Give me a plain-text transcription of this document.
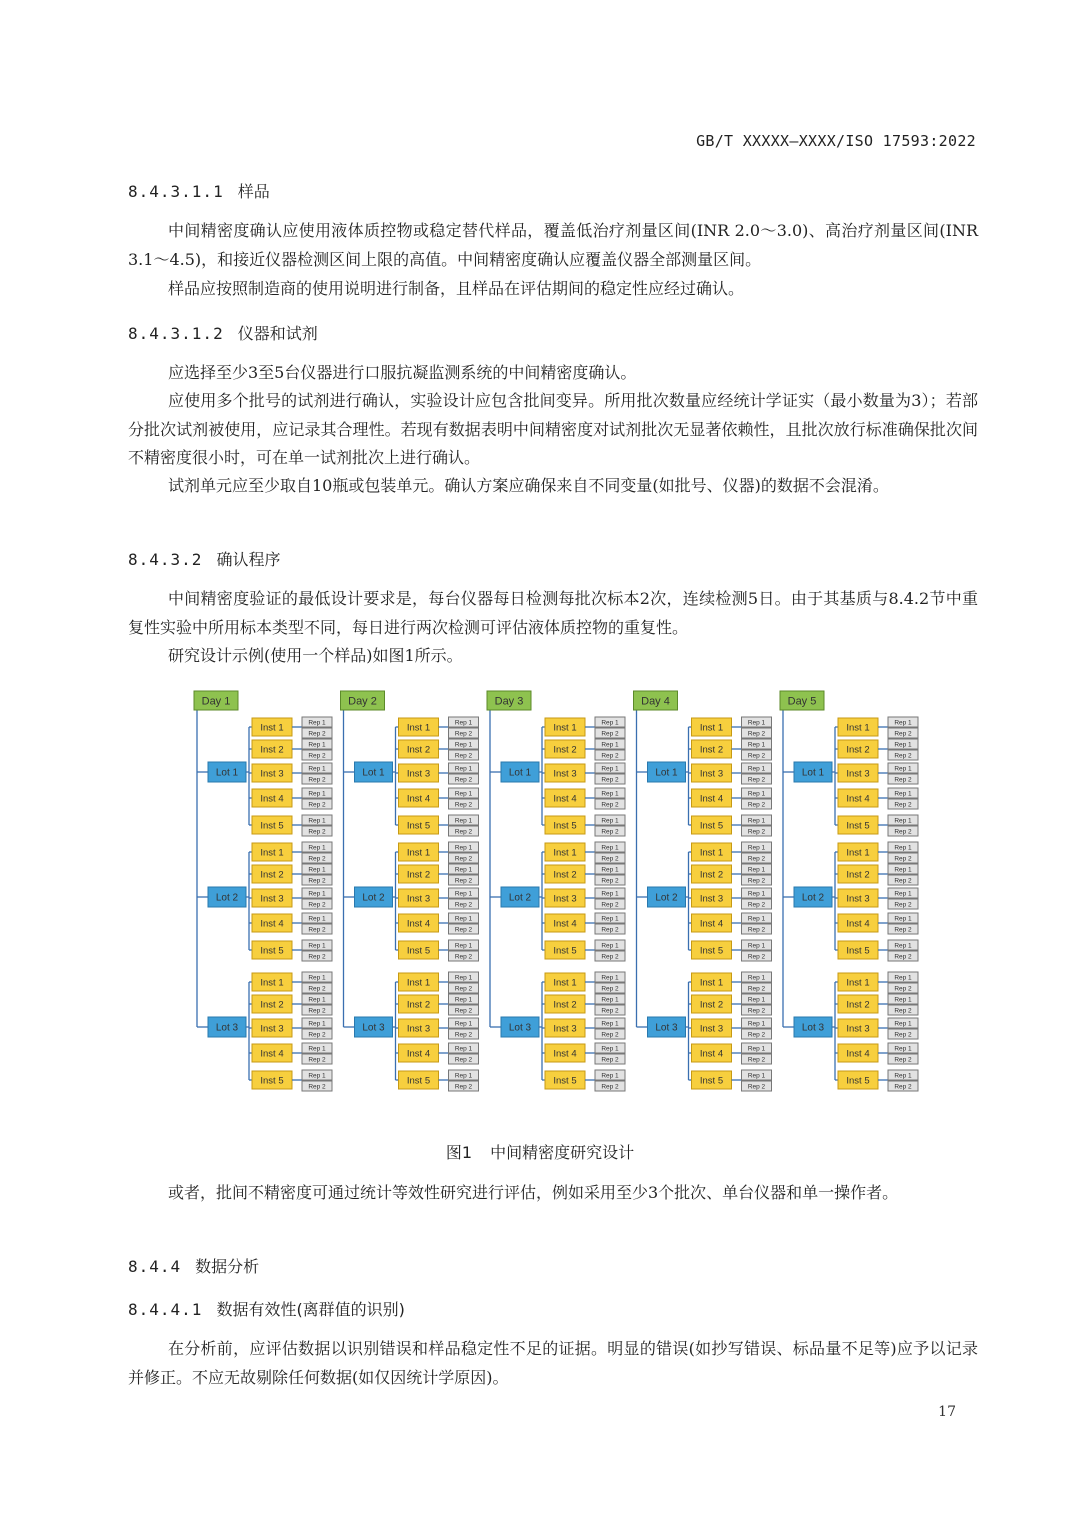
GB/T XXXXX—XXXX/ISO 17593:2022
8.4.3.1.1 样品
中间精密度确认应使用液体质控物或稳定替代样品，覆盖低治疗剂量区间(INR 2.0～3.0)、高治疗剂量区间(INR 3.1～4.5)，和接近仪器检测区间上限的高值。中间精密度确认应覆盖仪器全部测量区间。
样品应按照制造商的使用说明进行制备，且样品在评估期间的稳定性应经过确认。
8.4.3.1.2 仪器和试剂
应选择至少3至5台仪器进行口服抗凝监测系统的中间精密度确认。
应使用多个批号的试剂进行确认，实验设计应包含批间变异。所用批次数量应经统计学证实（最小数量为3）；若部分批次试剂被使用，应记录其合理性。若现有数据表明中间精密度对试剂批次无显著依赖性，且批次放行标准确保批次间不精密度很小时，可在单一试剂批次上进行确认。
试剂单元应至少取自10瓶或包装单元。确认方案应确保来自不同变量(如批号、仪器)的数据不会混淆。
8.4.3.2 确认程序
中间精密度验证的最低设计要求是，每台仪器每日检测每批次标本2次，连续检测5日。由于其基质与8.4.2节中重复性实验中所用标本类型不同，每日进行两次检测可评估液体质控物的重复性。
研究设计示例(使用一个样品)如图1所示。
Day 1
Lot 1
Inst 1	Rep 1
Rep 2
Inst 2	Rep 1
Rep 2
Inst 3	Rep 1
Rep 2
Inst 4	Rep 1
Rep 2
Inst 5	Rep 1
Rep 2
Lot 2
Inst 1	Rep 1
Rep 2
Inst 2	Rep 1
Rep 2
Inst 3	Rep 1
Rep 2
Inst 4	Rep 1
Rep 2
Inst 5	Rep 1
Rep 2
Lot 3
Inst 1	Rep 1
Rep 2
Inst 2	Rep 1
Rep 2
Inst 3	Rep 1
Rep 2
Inst 4	Rep 1
Rep 2
Inst 5	Rep 1
Rep 2
Day 2
Lot 1
Inst 1	Rep 1
Rep 2
Inst 2	Rep 1
Rep 2
Inst 3	Rep 1
Rep 2
Inst 4	Rep 1
Rep 2
Inst 5	Rep 1
Rep 2
Lot 2
Inst 1	Rep 1
Rep 2
Inst 2	Rep 1
Rep 2
Inst 3	Rep 1
Rep 2
Inst 4	Rep 1
Rep 2
Inst 5	Rep 1
Rep 2
Lot 3
Inst 1	Rep 1
Rep 2
Inst 2	Rep 1
Rep 2
Inst 3	Rep 1
Rep 2
Inst 4	Rep 1
Rep 2
Inst 5	Rep 1
Rep 2
Day 3
Lot 1
Inst 1	Rep 1
Rep 2
Inst 2	Rep 1
Rep 2
Inst 3	Rep 1
Rep 2
Inst 4	Rep 1
Rep 2
Inst 5	Rep 1
Rep 2
Lot 2
Inst 1	Rep 1
Rep 2
Inst 2	Rep 1
Rep 2
Inst 3	Rep 1
Rep 2
Inst 4	Rep 1
Rep 2
Inst 5	Rep 1
Rep 2
Lot 3
Inst 1	Rep 1
Rep 2
Inst 2	Rep 1
Rep 2
Inst 3	Rep 1
Rep 2
Inst 4	Rep 1
Rep 2
Inst 5	Rep 1
Rep 2
Day 4
Lot 1
Inst 1	Rep 1
Rep 2
Inst 2	Rep 1
Rep 2
Inst 3	Rep 1
Rep 2
Inst 4	Rep 1
Rep 2
Inst 5	Rep 1
Rep 2
Lot 2
Inst 1	Rep 1
Rep 2
Inst 2	Rep 1
Rep 2
Inst 3	Rep 1
Rep 2
Inst 4	Rep 1
Rep 2
Inst 5	Rep 1
Rep 2
Lot 3
Inst 1	Rep 1
Rep 2
Inst 2	Rep 1
Rep 2
Inst 3	Rep 1
Rep 2
Inst 4	Rep 1
Rep 2
Inst 5	Rep 1
Rep 2
Day 5
Lot 1
Inst 1	Rep 1
Rep 2
Inst 2	Rep 1
Rep 2
Inst 3	Rep 1
Rep 2
Inst 4	Rep 1
Rep 2
Inst 5	Rep 1
Rep 2
Lot 2
Inst 1	Rep 1
Rep 2
Inst 2	Rep 1
Rep 2
Inst 3	Rep 1
Rep 2
Inst 4	Rep 1
Rep 2
Inst 5	Rep 1
Rep 2
Lot 3
Inst 1	Rep 1
Rep 2
Inst 2	Rep 1
Rep 2
Inst 3	Rep 1
Rep 2
Inst 4	Rep 1
Rep 2
Inst 5	Rep 1
Rep 2
图1 中间精密度研究设计
或者，批间不精密度可通过统计等效性研究进行评估，例如采用至少3个批次、单台仪器和单一操作者。
8.4.4 数据分析
8.4.4.1 数据有效性(离群值的识别)
在分析前，应评估数据以识别错误和样品稳定性不足的证据。明显的错误(如抄写错误、标品量不足等)应予以记录并修正。不应无故剔除任何数据(如仅因统计学原因)。
17
